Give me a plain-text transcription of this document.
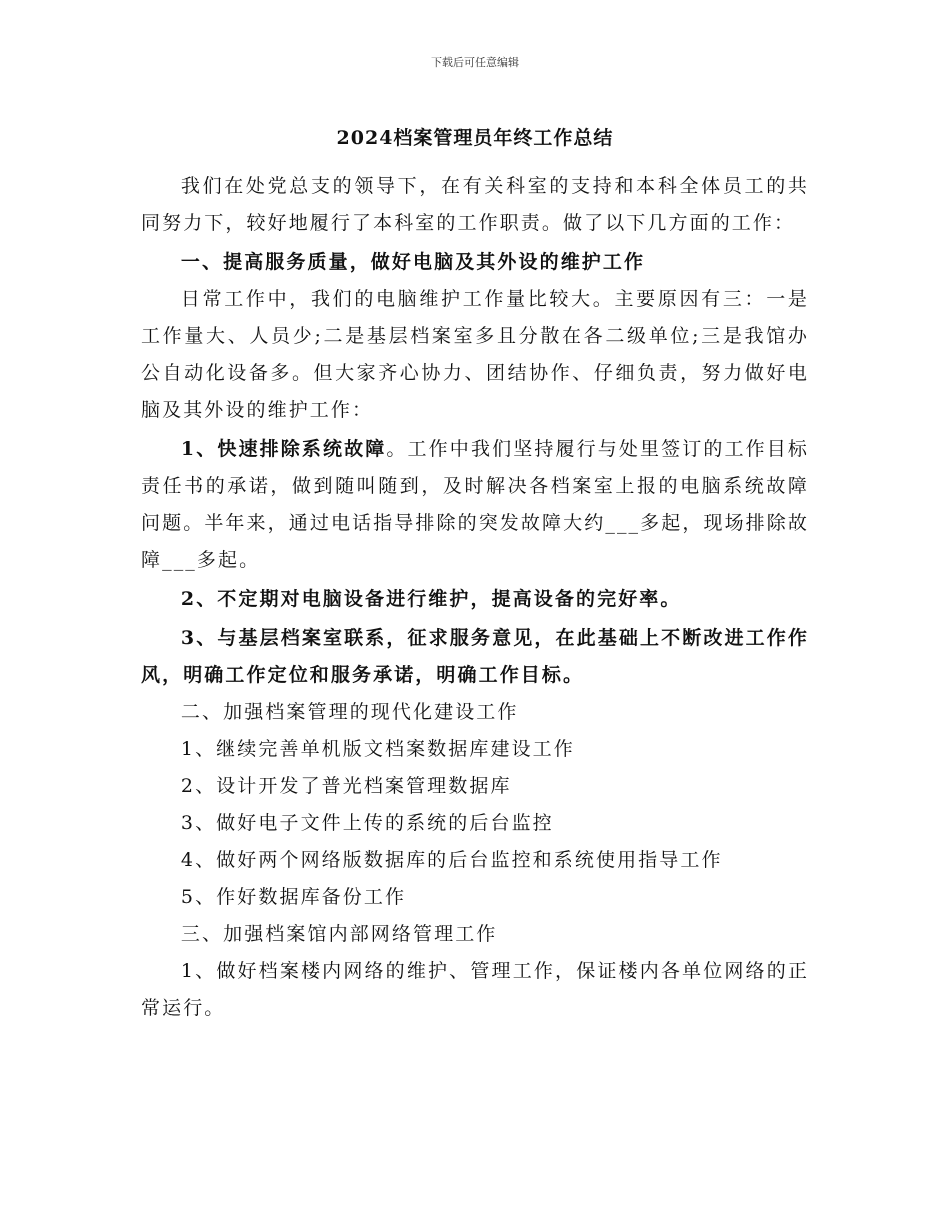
下载后可任意编辑
2024档案管理员年终工作总结

我们在处党总支的领导下，在有关科室的支持和本科全体员工的共同努力下，较好地履行了本科室的工作职责。做了以下几方面的工作：

一、提高服务质量，做好电脑及其外设的维护工作

日常工作中，我们的电脑维护工作量比较大。主要原因有三：一是工作量大、人员少;二是基层档案室多且分散在各二级单位;三是我馆办公自动化设备多。但大家齐心协力、团结协作、仔细负责，努力做好电脑及其外设的维护工作：

1、快速排除系统故障。工作中我们坚持履行与处里签订的工作目标责任书的承诺，做到随叫随到，及时解决各档案室上报的电脑系统故障问题。半年来，通过电话指导排除的突发故障大约___多起，现场排除故障___多起。

2、不定期对电脑设备进行维护，提高设备的完好率。

3、与基层档案室联系，征求服务意见，在此基础上不断改进工作作风，明确工作定位和服务承诺，明确工作目标。

二、加强档案管理的现代化建设工作

1、继续完善单机版文档案数据库建设工作

2、设计开发了普光档案管理数据库

3、做好电子文件上传的系统的后台监控

4、做好两个网络版数据库的后台监控和系统使用指导工作

5、作好数据库备份工作

三、加强档案馆内部网络管理工作

1、做好档案楼内网络的维护、管理工作，保证楼内各单位网络的正常运行。
